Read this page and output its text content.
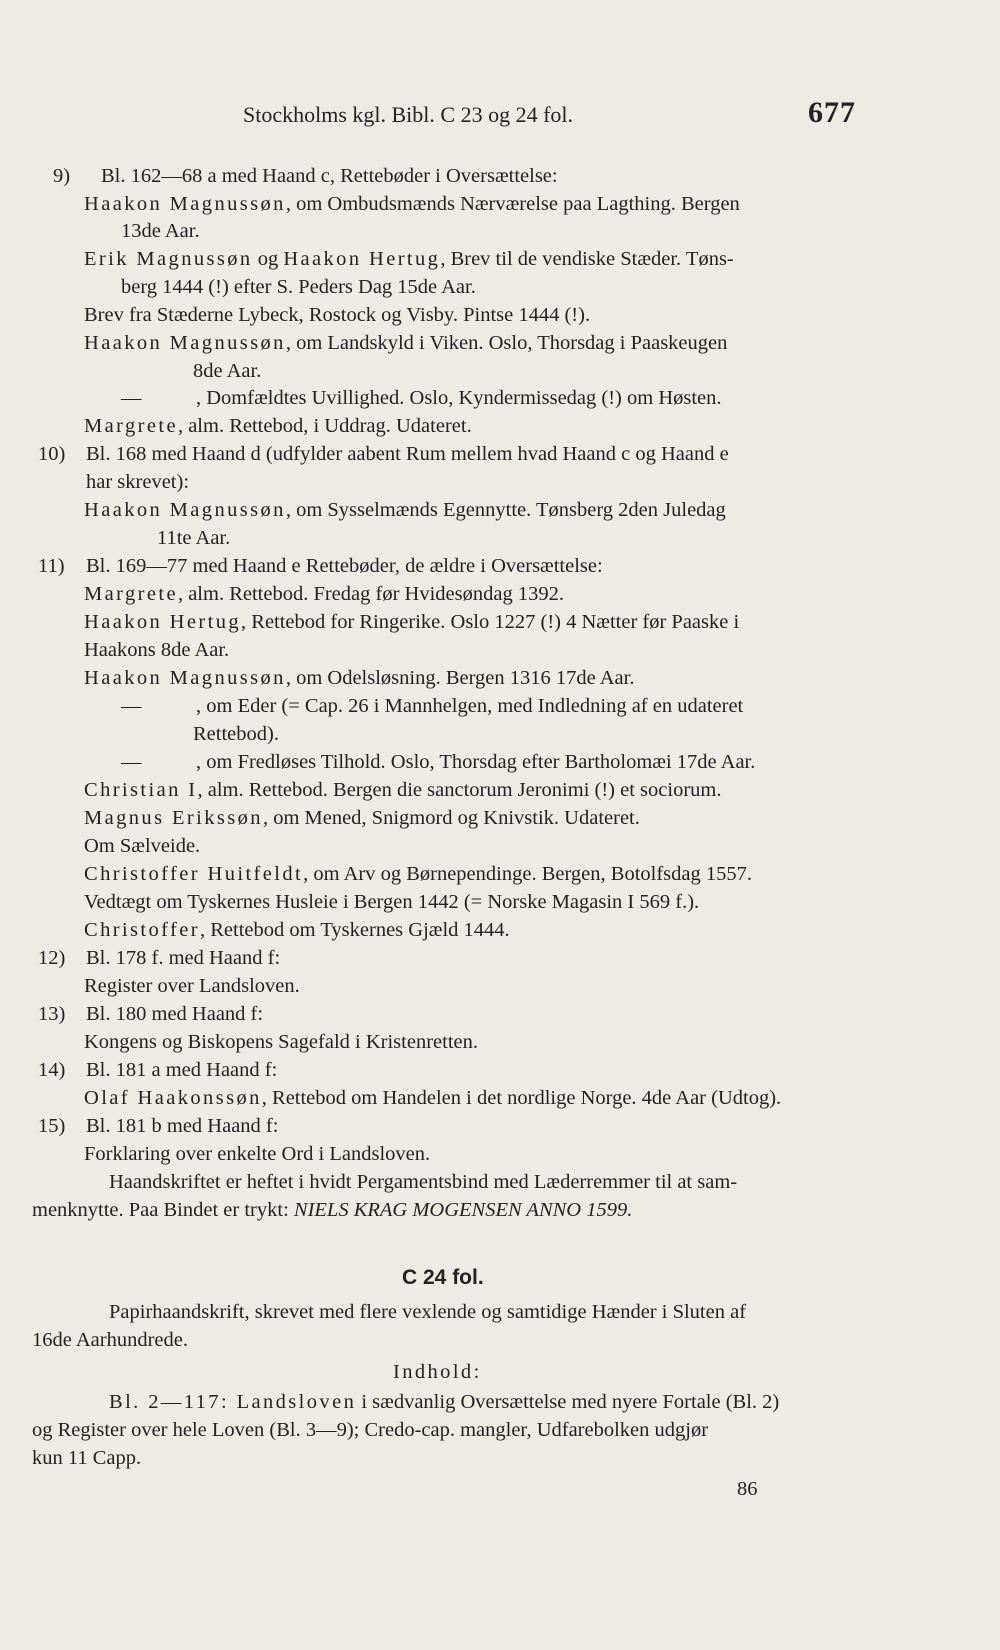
Stockholms kgl. Bibl. C 23 og 24 fol.	677
9) Bl. 162—68 a med Haand c, Rettebøder i Oversættelse:
Haakon Magnussøn, om Ombudsmænds Nærværelse paa Lagthing. Bergen
13de Aar.
Erik Magnussøn og Haakon Hertug, Brev til de vendiske Stæder. Tøns-
berg 1444 (!) efter S. Peders Dag 15de Aar.
Brev fra Stæderne Lybeck, Rostock og Visby. Pintse 1444 (!).
Haakon Magnussøn, om Landskyld i Viken. Oslo, Thorsdag i Paaskeugen
8de Aar.
—	, Domfældtes Uvillighed. Oslo, Kyndermissedag (!) om Høsten.
Margrete, alm. Rettebod, i Uddrag. Udateret.
10) Bl. 168 med Haand d (udfylder aabent Rum mellem hvad Haand c og Haand e
har skrevet):
Haakon Magnussøn, om Sysselmænds Egennytte. Tønsberg 2den Juledag
11te Aar.
11) Bl. 169—77 med Haand e Rettebøder, de ældre i Oversættelse:
Margrete, alm. Rettebod. Fredag før Hvidesøndag 1392.
Haakon Hertug, Rettebod for Ringerike. Oslo 1227 (!) 4 Nætter før Paaske i
Haakons 8de Aar.
Haakon Magnussøn, om Odelsløsning. Bergen 1316 17de Aar.
—	, om Eder (= Cap. 26 i Mannhelgen, med Indledning af en udateret
Rettebod).
—	, om Fredløses Tilhold. Oslo, Thorsdag efter Bartholomæi 17de Aar.
Christian I, alm. Rettebod. Bergen die sanctorum Jeronimi (!) et sociorum.
Magnus Erikssøn, om Mened, Snigmord og Knivstik. Udateret.
Om Sælveide.
Christoffer Huitfeldt, om Arv og Børnependinge. Bergen, Botolfsdag 1557.
Vedtægt om Tyskernes Husleie i Bergen 1442 (= Norske Magasin I 569 f.).
Christoffer, Rettebod om Tyskernes Gjæld 1444.
12) Bl. 178 f. med Haand f:
Register over Landsloven.
13) Bl. 180 med Haand f:
Kongens og Biskopens Sagefald i Kristenretten.
14) Bl. 181 a med Haand f:
Olaf Haakonssøn, Rettebod om Handelen i det nordlige Norge. 4de Aar (Udtog).
15) Bl. 181 b med Haand f:
Forklaring over enkelte Ord i Landsloven.
Haandskriftet er heftet i hvidt Pergamentsbind med Læderremmer til at sam-
menknytte. Paa Bindet er trykt: NIELS KRAG MOGENSEN ANNO 1599.
C 24 fol.
Papirhaandskrift, skrevet med flere vexlende og samtidige Hænder i Sluten af
16de Aarhundrede.
Indhold:
Bl. 2—117: Landsloven i sædvanlig Oversættelse med nyere Fortale (Bl. 2)
og Register over hele Loven (Bl. 3—9); Credo-cap. mangler, Udfarebolken udgjør
kun 11 Capp.
86
